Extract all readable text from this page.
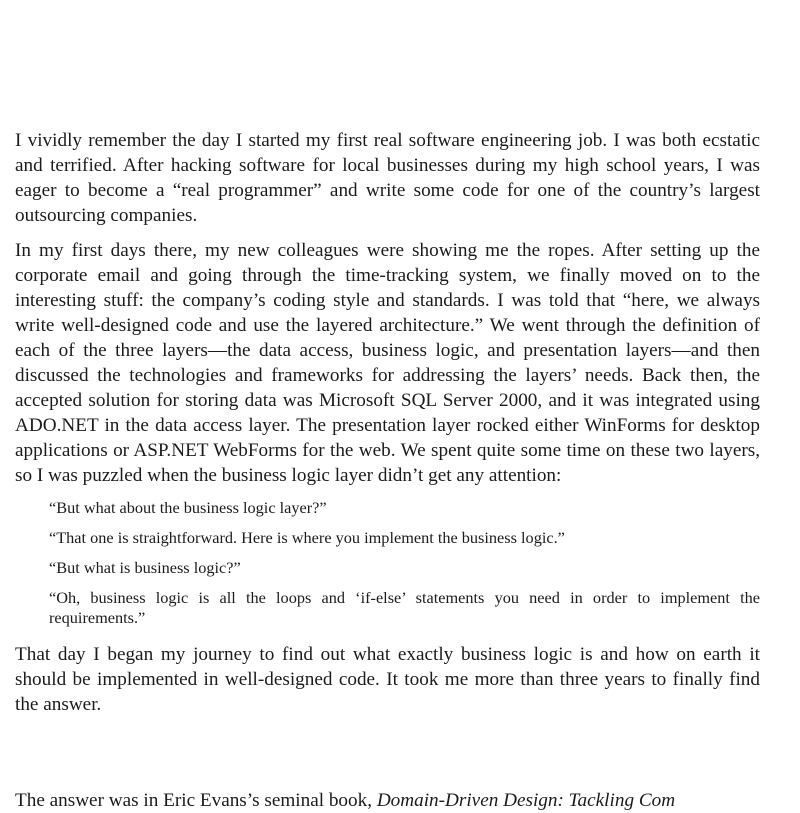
I vividly remember the day I started my first real software engineering job. I was both ecstatic and terrified. After hacking software for local businesses during my high school years, I was eager to become a “real programmer” and write some code for one of the country’s largest outsourcing companies.

In my first days there, my new colleagues were showing me the ropes. After setting up the corporate email and going through the time-tracking system, we finally moved on to the interesting stuff: the company’s coding style and standards. I was told that “here, we always write well-designed code and use the layered architecture.” We went through the definition of each of the three layers—the data access, business logic, and presentation layers—and then discussed the technologies and frameworks for addressing the layers’ needs. Back then, the accepted solution for storing data was Microsoft SQL Server 2000, and it was integrated using ADO.NET in the data access layer. The presentation layer rocked either WinForms for desktop applications or ASP.NET WebForms for the web. We spent quite some time on these two layers, so I was puzzled when the business logic layer didn’t get any attention:

“But what about the business logic layer?”

“That one is straightforward. Here is where you implement the business logic.”

“But what is business logic?”

“Oh, business logic is all the loops and ‘if-else’ statements you need in order to implement the requirements.”

That day I began my journey to find out what exactly business logic is and how on earth it should be implemented in well-designed code. It took me more than three years to finally find the answer.

The answer was in Eric Evans’s seminal book, Domain-Driven Design: Tackling Com
